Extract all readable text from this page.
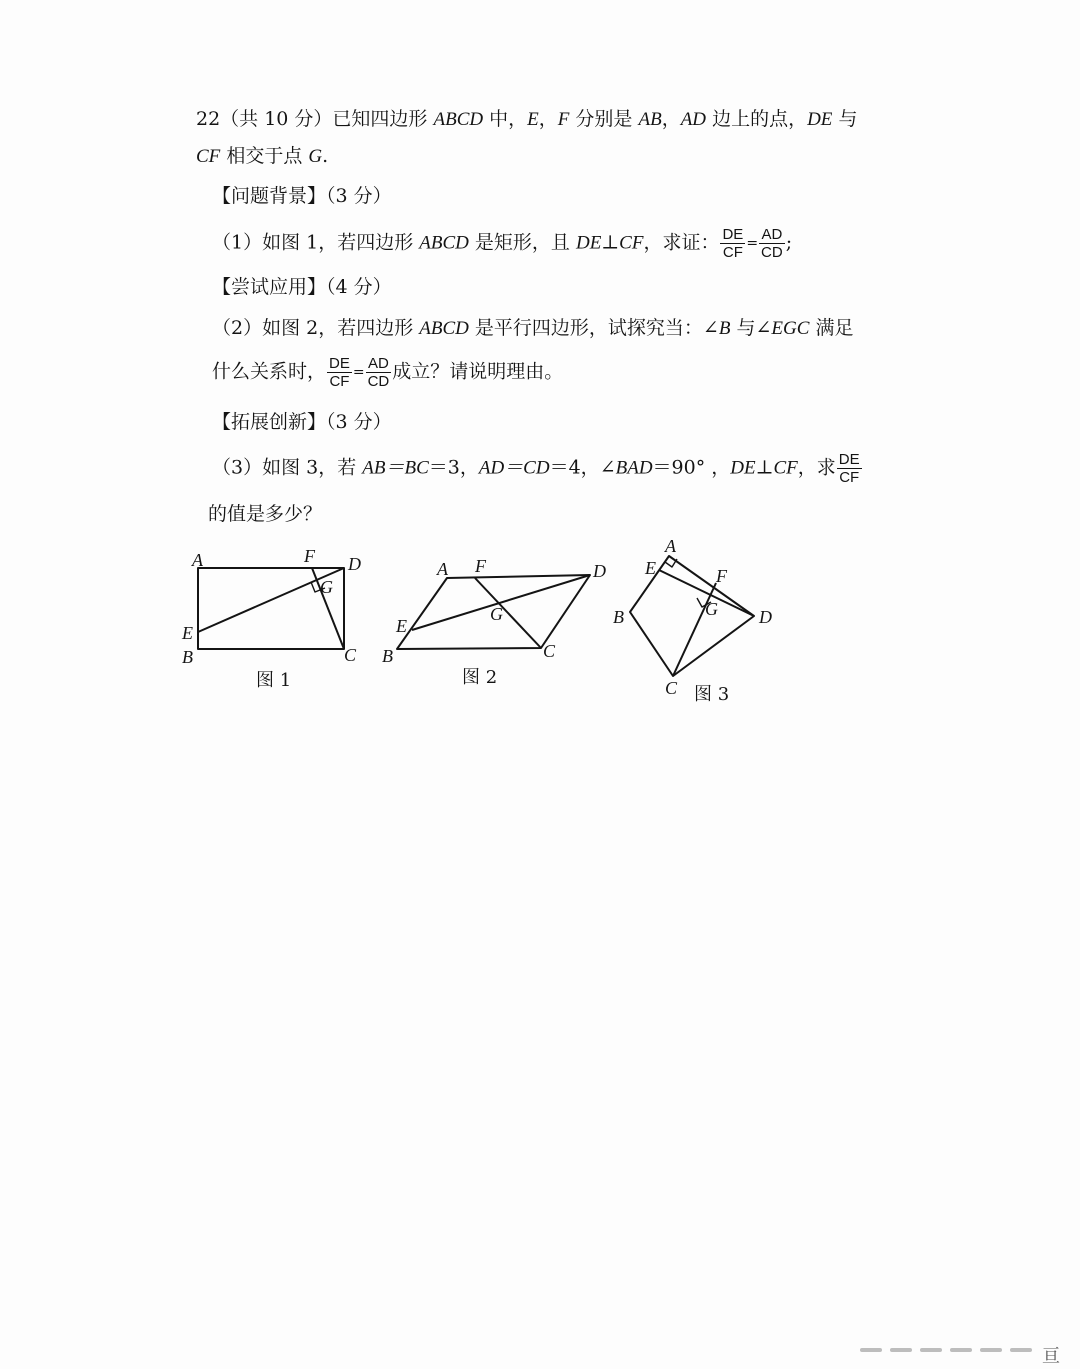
22（共 10 分）已知四边形 ABCD 中，E，F 分别是 AB，AD 边上的点，DE 与
CF 相交于点 G.
【问题背景】（3 分）
（1）如图 1，若四边形 ABCD 是矩形，且 DE⊥CF，求证： $\frac{DE}{CF} = \frac{AD}{CD}$ ;
【尝试应用】（4 分）
（2）如图 2，若四边形 ABCD 是平行四边形，试探究当：∠B 与∠EGC 满足
什么关系时， $\frac{DE}{CF} = \frac{AD}{CD}$ 成立？请说明理由。
【拓展创新】（3 分）
（3）如图 3，若 AB＝BC＝3，AD＝CD＝4，∠BAD＝90° ，DE⊥CF，求 $\frac{DE}{CF}$
的值是多少？
A	F D
G
E
B	C
图 1
A F	D
G
E
B	C
图 2
A
E	F
G
B	D
C 图 3
亘
